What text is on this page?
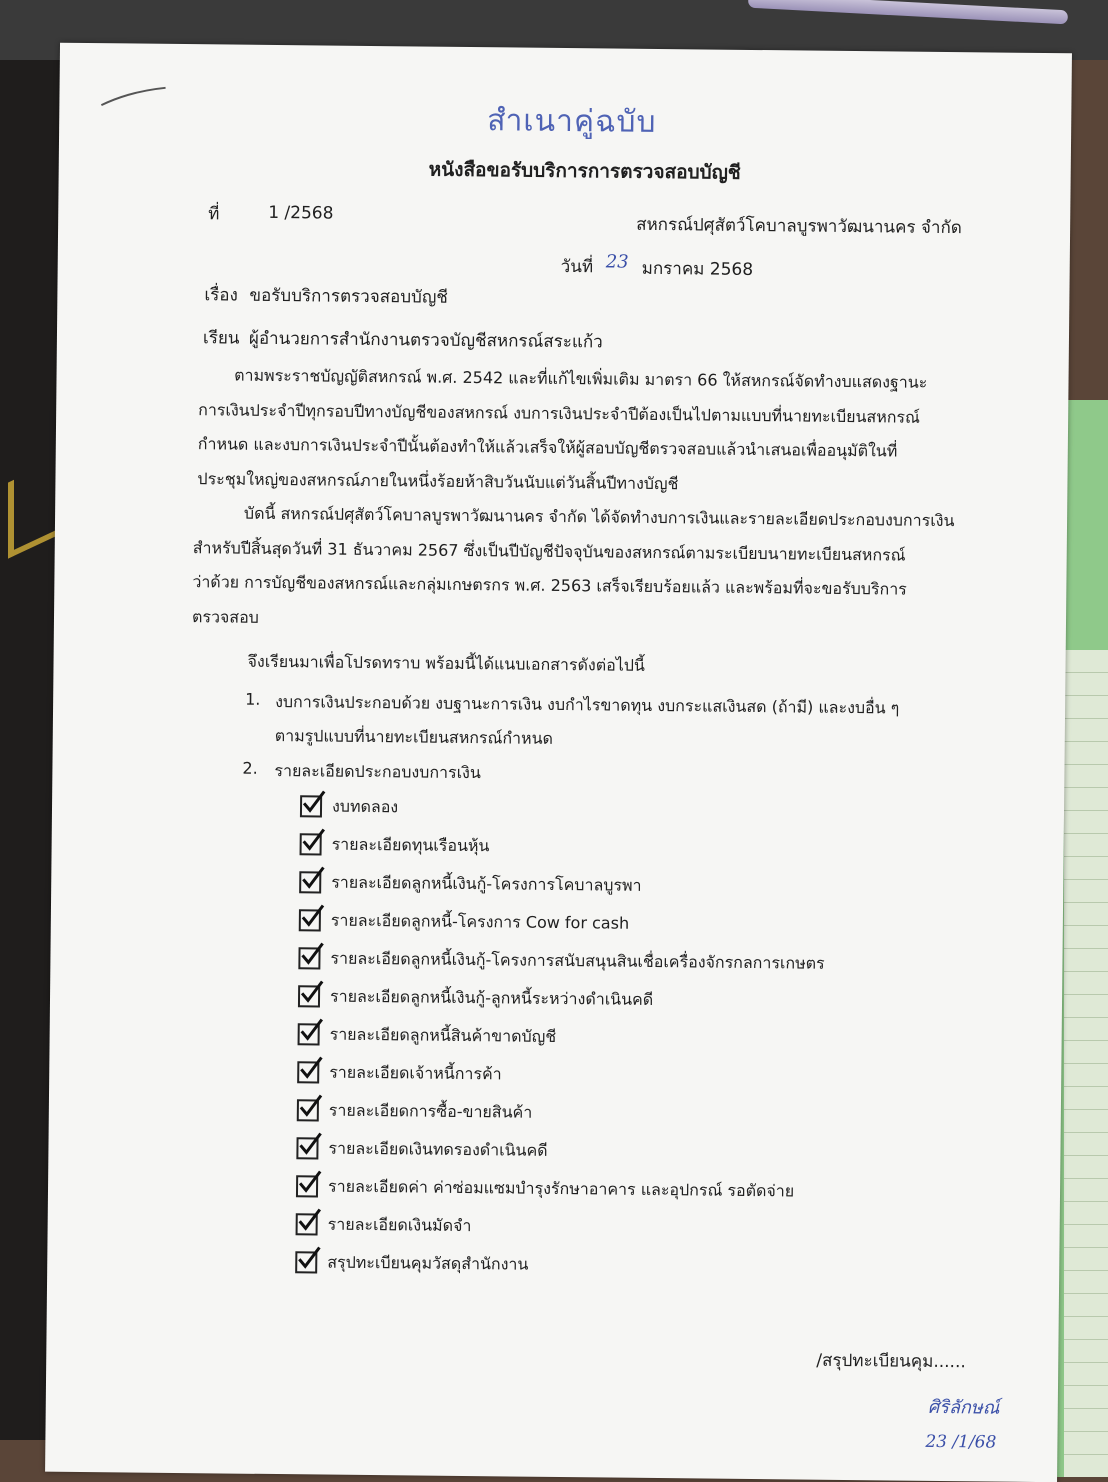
สำเนาคู่ฉบับ
หนังสือขอรับบริการการตรวจสอบบัญชี
ที่	1 /2568
สหกรณ์ปศุสัตว์โคบาลบูรพาวัฒนานคร จำกัด
วันที่ 23 มกราคม 2568
เรื่อง ขอรับบริการตรวจสอบบัญชี
เรียน ผู้อำนวยการสำนักงานตรวจบัญชีสหกรณ์สระแก้ว
ตามพระราชบัญญัติสหกรณ์ พ.ศ. 2542 และที่แก้ไขเพิ่มเติม มาตรา 66 ให้สหกรณ์จัดทำงบแสดงฐานะ
การเงินประจำปีทุกรอบปีทางบัญชีของสหกรณ์ งบการเงินประจำปีต้องเป็นไปตามแบบที่นายทะเบียนสหกรณ์
กำหนด และงบการเงินประจำปีนั้นต้องทำให้แล้วเสร็จให้ผู้สอบบัญชีตรวจสอบแล้วนำเสนอเพื่ออนุมัติในที่
ประชุมใหญ่ของสหกรณ์ภายในหนึ่งร้อยห้าสิบวันนับแต่วันสิ้นปีทางบัญชี
บัดนี้ สหกรณ์ปศุสัตว์โคบาลบูรพาวัฒนานคร จำกัด ได้จัดทำงบการเงินและรายละเอียดประกอบงบการเงิน
สำหรับปีสิ้นสุดวันที่ 31 ธันวาคม 2567 ซึ่งเป็นปีบัญชีปัจจุบันของสหกรณ์ตามระเบียบนายทะเบียนสหกรณ์
ว่าด้วย การบัญชีของสหกรณ์และกลุ่มเกษตรกร พ.ศ. 2563 เสร็จเรียบร้อยแล้ว และพร้อมที่จะขอรับบริการ
ตรวจสอบ
จึงเรียนมาเพื่อโปรดทราบ พร้อมนี้ได้แนบเอกสารดังต่อไปนี้
1. งบการเงินประกอบด้วย งบฐานะการเงิน งบกำไรขาดทุน งบกระแสเงินสด (ถ้ามี) และงบอื่น ๆ
ตามรูปแบบที่นายทะเบียนสหกรณ์กำหนด
2. รายละเอียดประกอบงบการเงิน
งบทดลอง
รายละเอียดทุนเรือนหุ้น
รายละเอียดลูกหนี้เงินกู้-โครงการโคบาลบูรพา
รายละเอียดลูกหนี้-โครงการ Cow for cash
รายละเอียดลูกหนี้เงินกู้-โครงการสนับสนุนสินเชื่อเครื่องจักรกลการเกษตร
รายละเอียดลูกหนี้เงินกู้-ลูกหนี้ระหว่างดำเนินคดี
รายละเอียดลูกหนี้สินค้าขาดบัญชี
รายละเอียดเจ้าหนี้การค้า
รายละเอียดการซื้อ-ขายสินค้า
รายละเอียดเงินทดรองดำเนินคดี
รายละเอียดค่า ค่าซ่อมแซมบำรุงรักษาอาคาร และอุปกรณ์ รอตัดจ่าย
รายละเอียดเงินมัดจำ
สรุปทะเบียนคุมวัสดุสำนักงาน
/สรุปทะเบียนคุม......
ศิริลักษณ์
23 /1/68
